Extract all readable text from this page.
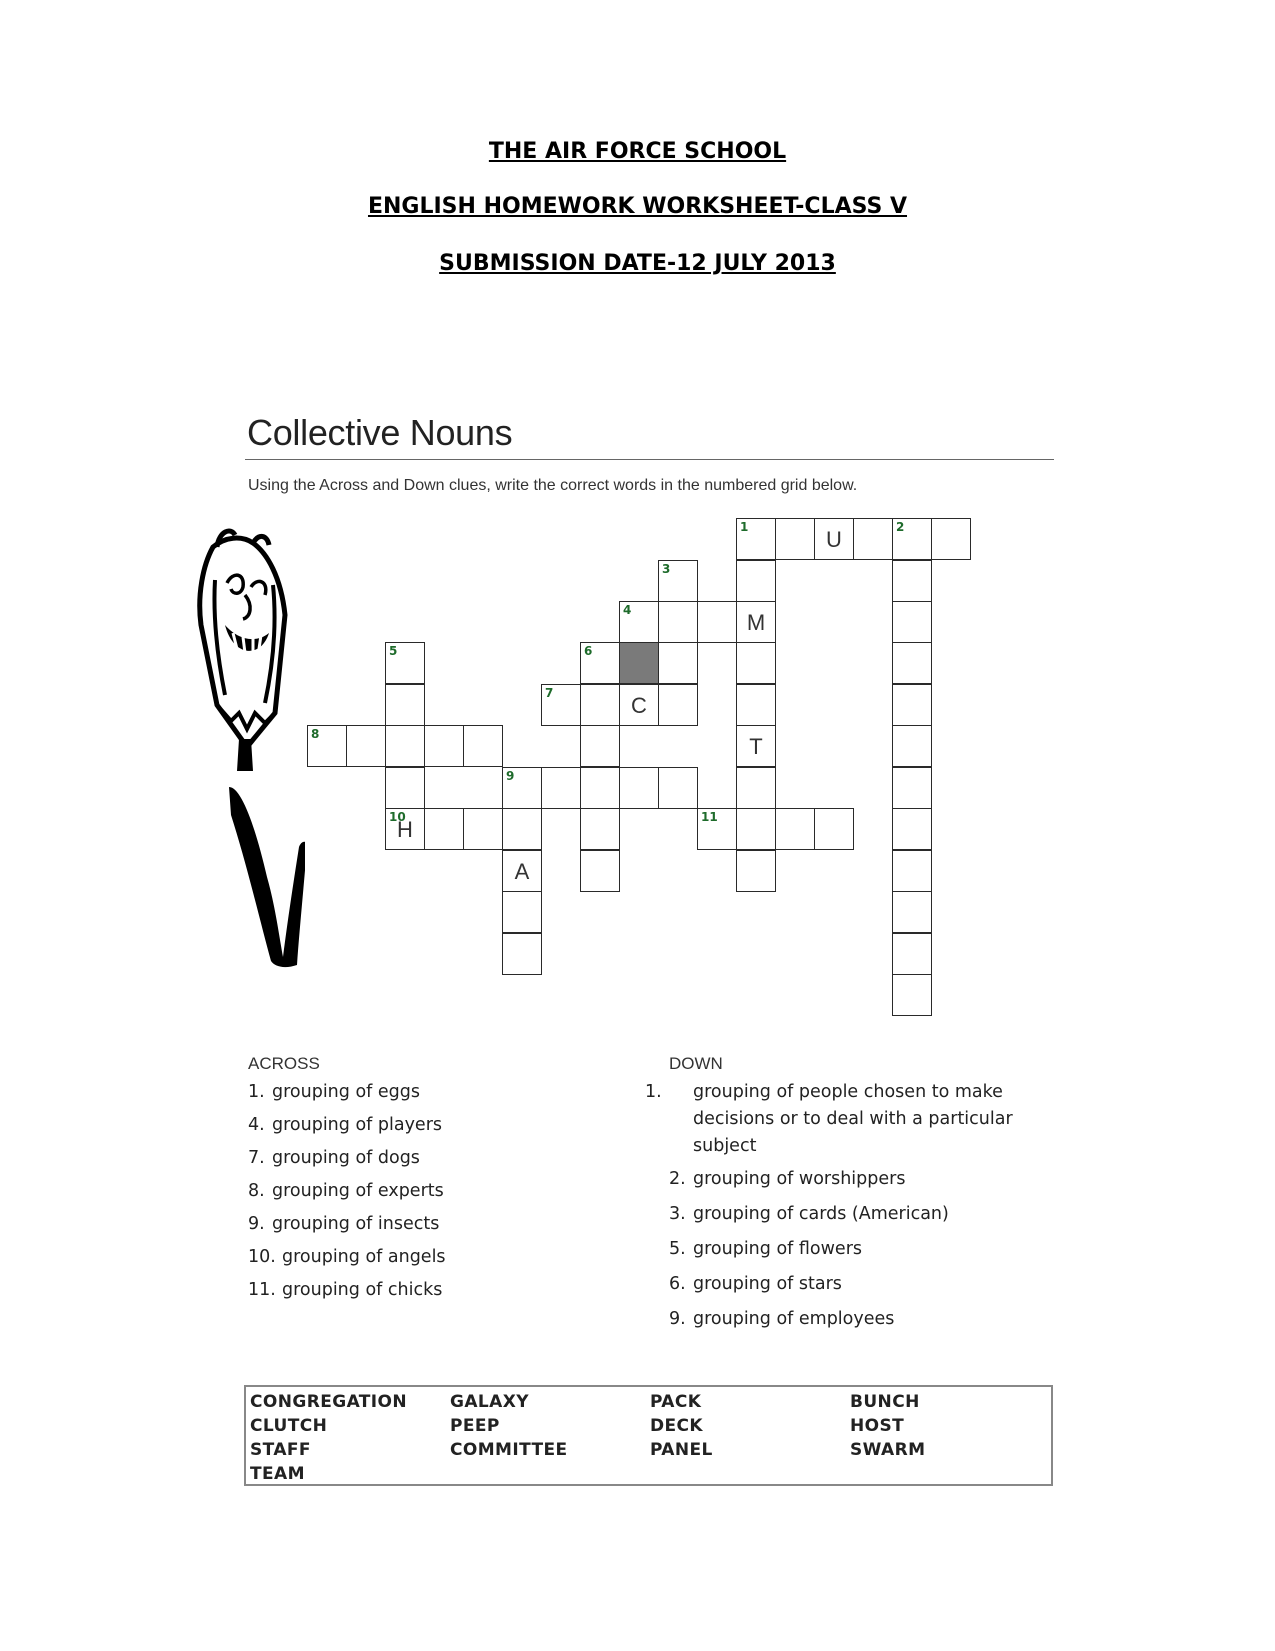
THE AIR FORCE SCHOOL
ENGLISH HOMEWORK WORKSHEET-CLASS V
SUBMISSION DATE-12 JULY 2013
Collective Nouns
Using the Across and Down clues, write the correct words in the numbered grid below.
1	U	2
M
T
3
4
6
7	C
5
8
9
10
H
A
11
ACROSS
1. grouping of eggs
4. grouping of players
7. grouping of dogs
8. grouping of experts
9. grouping of insects
10. grouping of angels
11. grouping of chicks
DOWN
1. grouping of people chosen to make decisions or to deal with a particular subject
2. grouping of worshippers
3. grouping of cards (American)
5. grouping of flowers
6. grouping of stars
9. grouping of employees
CONGREGATION	GALAXY	PACK	BUNCH
CLUTCH	PEEP	DECK	HOST
STAFF	COMMITTEE	PANEL	SWARM
TEAM
